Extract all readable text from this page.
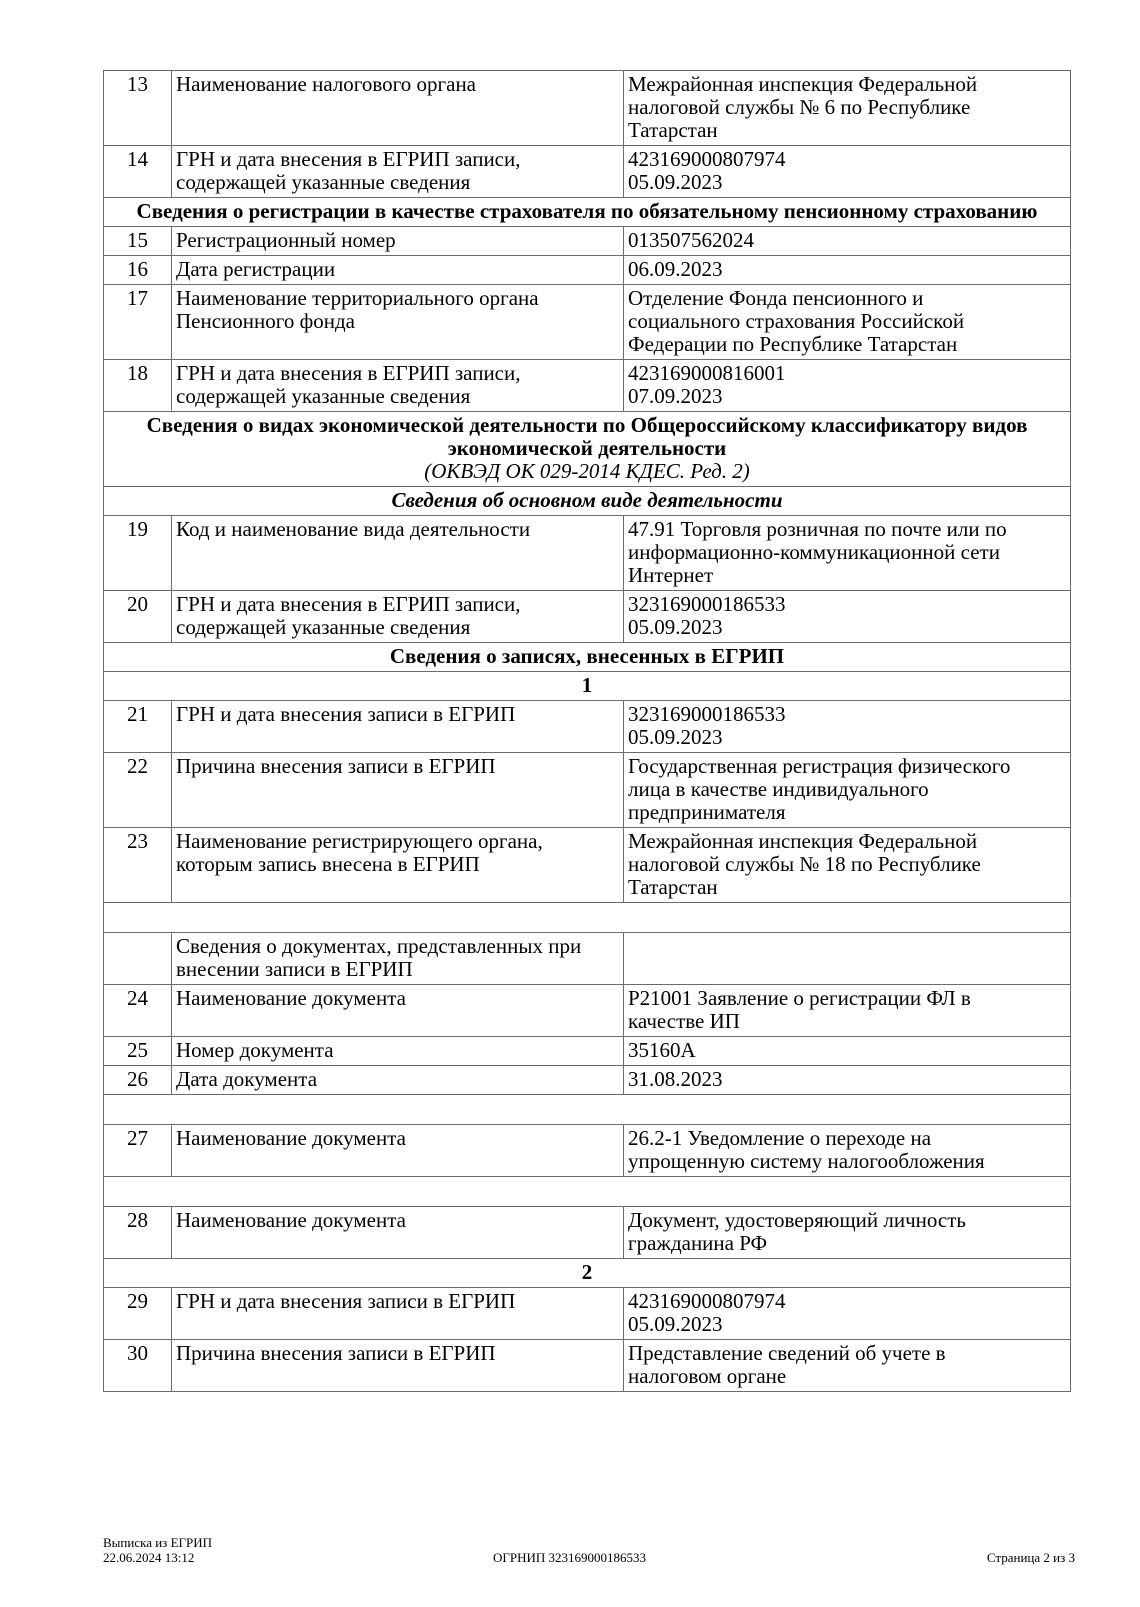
13	Наименование налогового органа	Межрайонная инспекция Федеральной
налоговой службы № 6 по Республике
Татарстан

14	ГРН и дата внесения в ЕГРИП записи, содержащей указанные сведения	423169000807974
05.09.2023

Сведения о регистрации в качестве страхователя по обязательному пенсионному страхованию		
15	Регистрационный номер	013507562024

16	Дата регистрации	06.09.2023

17	Наименование территориального органа Пенсионного фонда	Отделение Фонда пенсионного и
социального страхования Российской
Федерации по Республике Татарстан

18	ГРН и дата внесения в ЕГРИП записи, содержащей указанные сведения	423169000816001
07.09.2023

Сведения о видах экономической деятельности по Общероссийскому классификатору видов экономической деятельности
(ОКВЭД ОК 029-2014 КДЕС. Ред. 2)		

Сведения об основном виде деятельности		
19	Код и наименование вида деятельности	47.91 Торговля розничная по почте или по
информационно-коммуникационной сети
Интернет

20	ГРН и дата внесения в ЕГРИП записи, содержащей указанные сведения	323169000186533
05.09.2023

Сведения о записях, внесенных в ЕГРИП		
1		
21	ГРН и дата внесения записи в ЕГРИП	323169000186533
05.09.2023

22	Причина внесения записи в ЕГРИП	Государственная регистрация физического
лица в качестве индивидуального
предпринимателя

23	Наименование регистрирующего органа, которым запись внесена в ЕГРИП	Межрайонная инспекция Федеральной
налоговой службы № 18 по Республике
Татарстан

	Сведения о документах, представленных при внесении записи в ЕГРИП	
24	Наименование документа	Р21001 Заявление о регистрации ФЛ в
качестве ИП

25	Номер документа	35160А

26	Дата документа	31.08.2023

27	Наименование документа	26.2-1 Уведомление о переходе на
упрощенную систему налогообложения

28	Наименование документа	Документ, удостоверяющий личность
гражданина РФ

2		
29	ГРН и дата внесения записи в ЕГРИП	423169000807974
05.09.2023

30	Причина внесения записи в ЕГРИП	Представление сведений об учете в
налоговом органе
Выписка из ЕГРИП
22.06.2024 13:12	ОГРНИП 323169000186533	Страница 2 из 3
